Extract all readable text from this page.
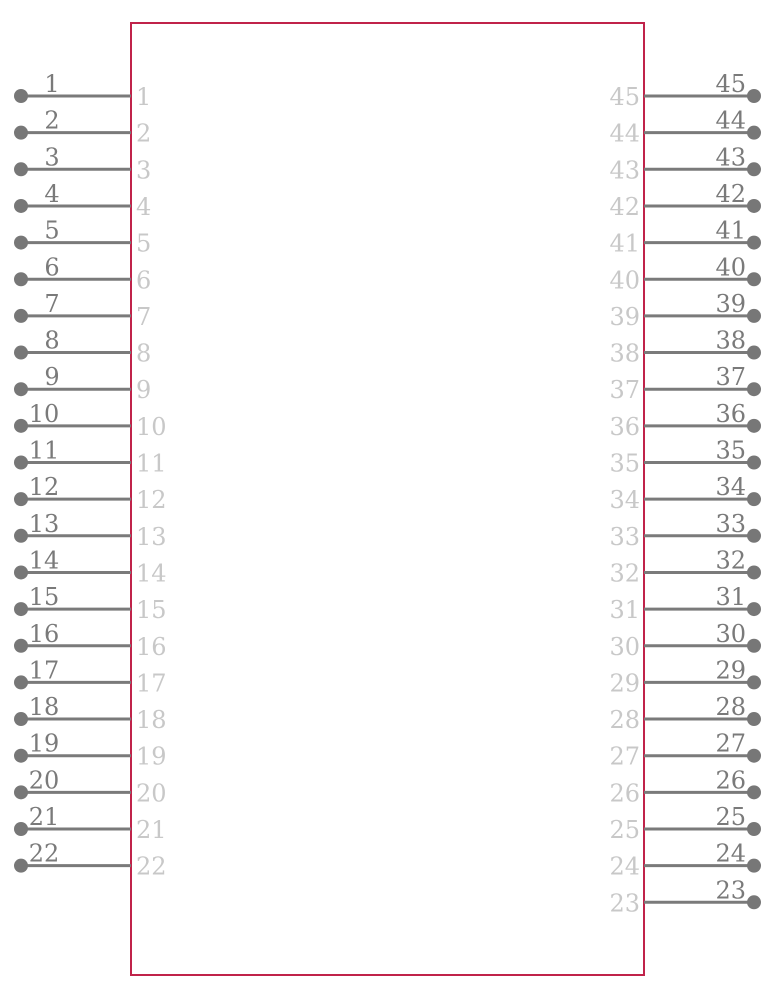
1	1
2	2
3	3
4	4
5	5
6	6
7	7
8	8
9	9
10	10
11	11
12	12
13	13
14	14
15	15
16	16
17	17
18	18
19	19
20	20
21	21
22	22
45
45
44
44
43
43
42
42
41
41
40
40
39
39
38
38
37
37
36
36
35
35
34
34
33
33
32
32
31
31
30
30
29
29
28
28
27
27
26
26
25
25
24
24
23
23
